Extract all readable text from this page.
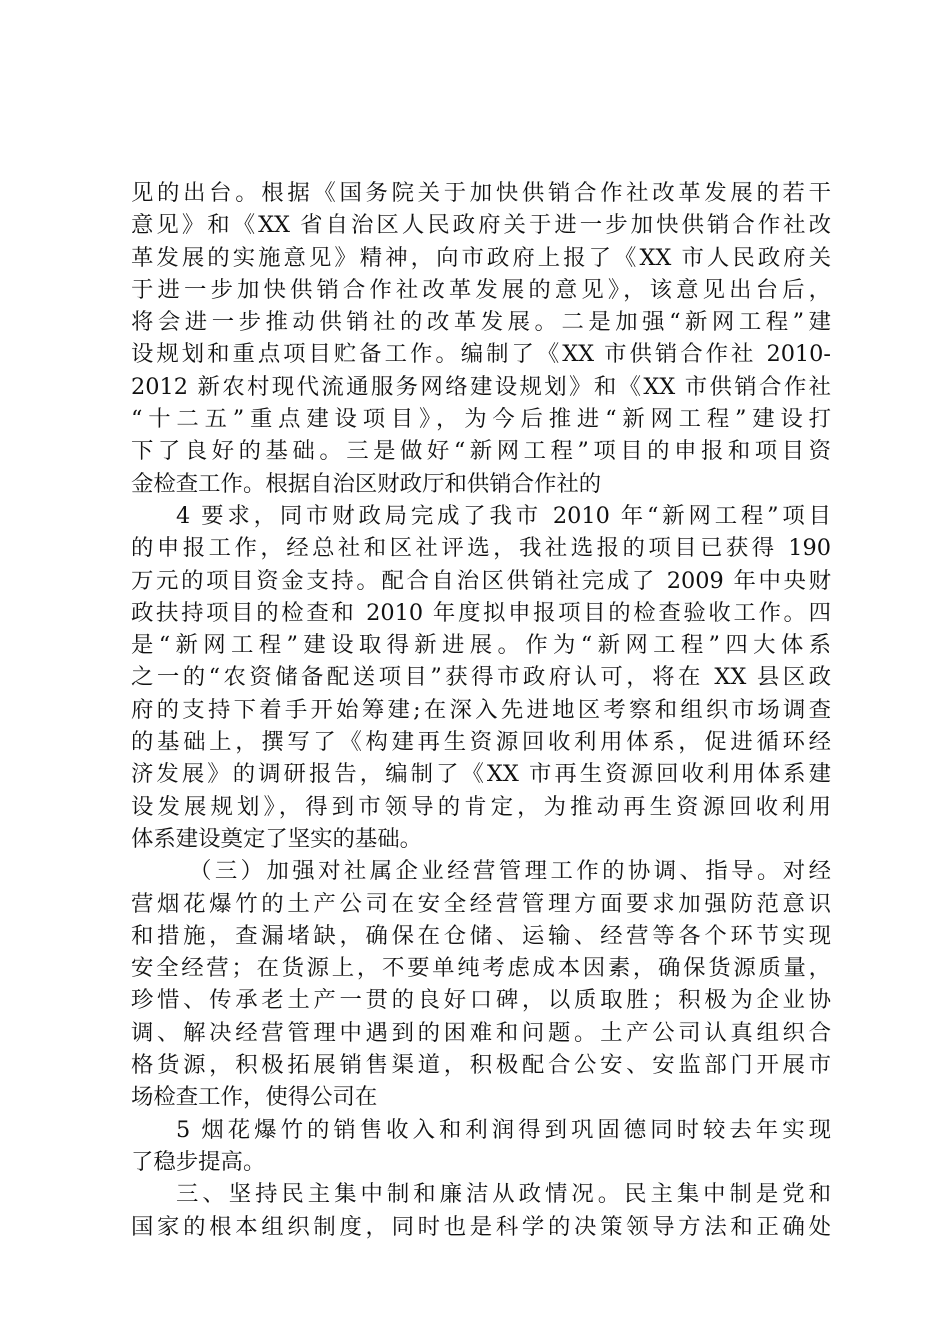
见的出台。根据《国务院关于加快供销合作社改革发展的若干
意见》和《XX 省自治区人民政府关于进一步加快供销合作社改
革发展的实施意见》精神，向市政府上报了《XX 市人民政府关
于进一步加快供销合作社改革发展的意见》，该意见出台后，
将会进一步推动供销社的改革发展。二是加强“新网工程”建
设规划和重点项目贮备工作。编制了《XX 市供销合作社 2010-
2012 新农村现代流通服务网络建设规划》和《XX 市供销合作社
“十二五”重点建设项目》，为今后推进“新网工程”建设打
下了良好的基础。三是做好“新网工程”项目的申报和项目资
金检查工作。根据自治区财政厅和供销合作社的
4 要求，同市财政局完成了我市 2010 年“新网工程”项目
的申报工作，经总社和区社评选，我社选报的项目已获得 190
万元的项目资金支持。配合自治区供销社完成了 2009 年中央财
政扶持项目的检查和 2010 年度拟申报项目的检查验收工作。四
是“新网工程”建设取得新进展。作为“新网工程”四大体系
之一的“农资储备配送项目”获得市政府认可，将在 XX 县区政
府的支持下着手开始筹建;在深入先进地区考察和组织市场调查
的基础上，撰写了《构建再生资源回收利用体系，促进循环经
济发展》的调研报告，编制了《XX 市再生资源回收利用体系建
设发展规划》，得到市领导的肯定，为推动再生资源回收利用
体系建设奠定了坚实的基础。
（三）加强对社属企业经营管理工作的协调、指导。对经
营烟花爆竹的土产公司在安全经营管理方面要求加强防范意识
和措施，查漏堵缺，确保在仓储、运输、经营等各个环节实现
安全经营；在货源上，不要单纯考虑成本因素，确保货源质量，
珍惜、传承老土产一贯的良好口碑，以质取胜；积极为企业协
调、解决经营管理中遇到的困难和问题。土产公司认真组织合
格货源，积极拓展销售渠道，积极配合公安、安监部门开展市
场检查工作，使得公司在
5 烟花爆竹的销售收入和利润得到巩固德同时较去年实现
了稳步提高。
三、坚持民主集中制和廉洁从政情况。民主集中制是党和
国家的根本组织制度，同时也是科学的决策领导方法和正确处
